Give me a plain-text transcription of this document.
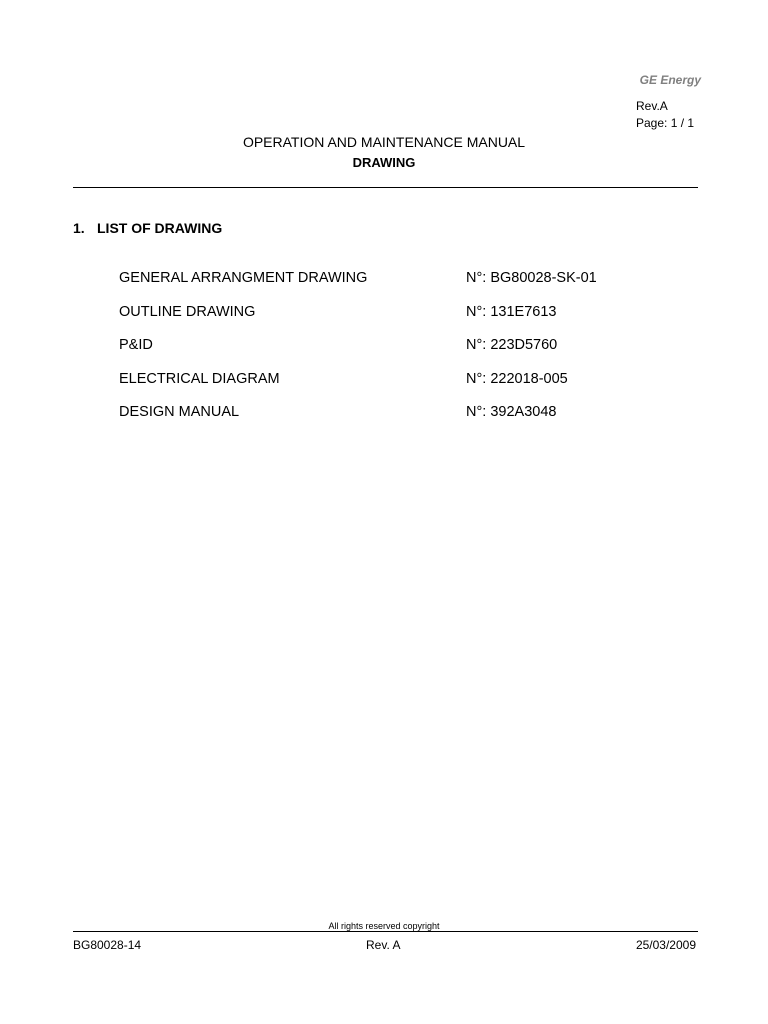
GE Energy
Rev.A
Page: 1 / 1
OPERATION AND MAINTENANCE MANUAL
DRAWING
1. LIST OF DRAWING
GENERAL ARRANGMENT DRAWING	N°: BG80028-SK-01
OUTLINE DRAWING	N°: 131E7613
P&ID	N°: 223D5760
ELECTRICAL DIAGRAM	N°: 222018-005
DESIGN MANUAL	N°: 392A3048
All rights reserved copyright
BG80028-14	Rev. A	25/03/2009
